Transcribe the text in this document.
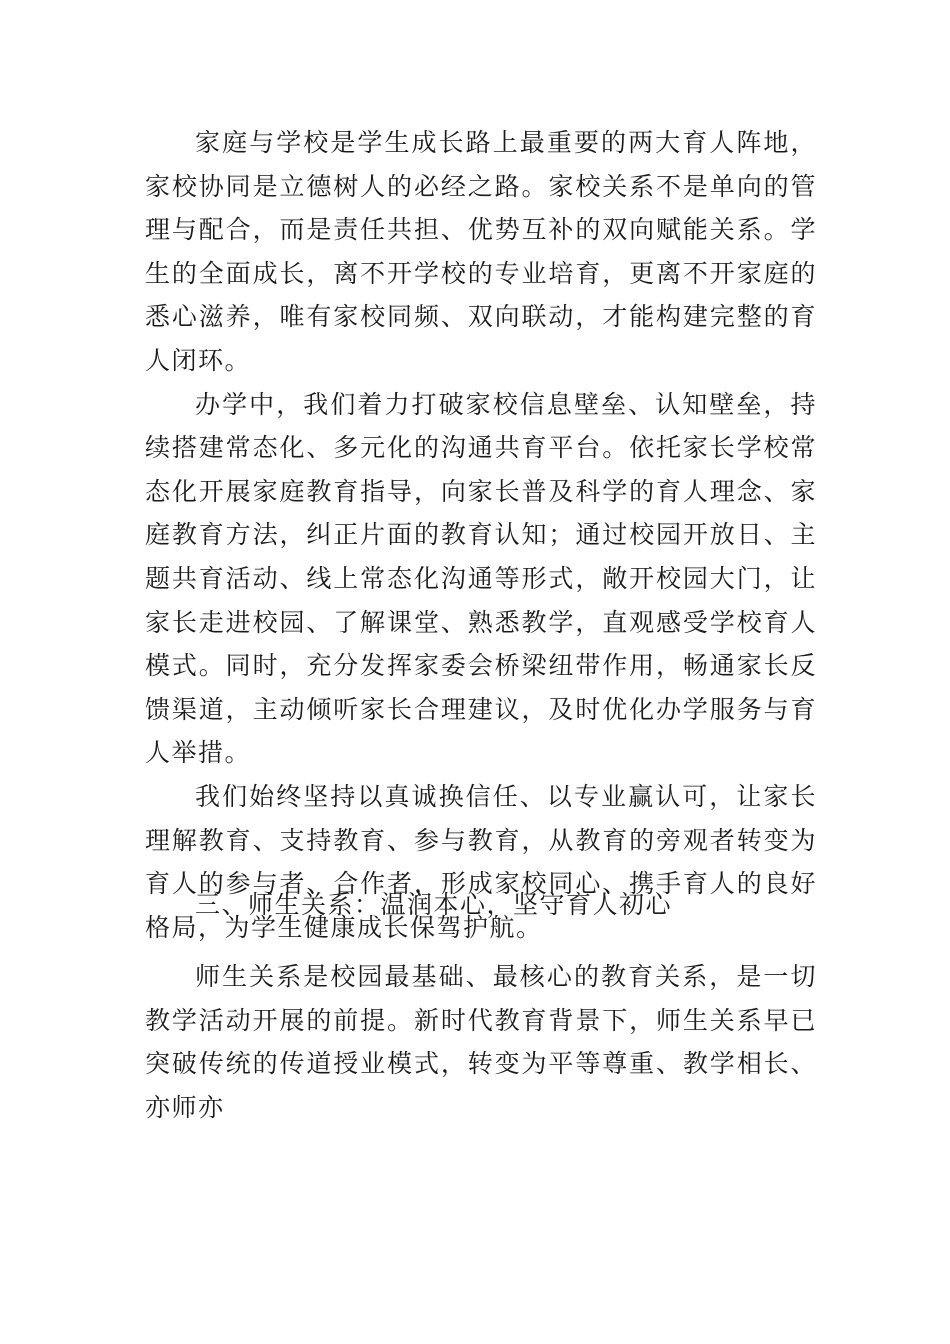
家庭与学校是学生成长路上最重要的两大育人阵地，家校协同是立德树人的必经之路。家校关系不是单向的管理与配合，而是责任共担、优势互补的双向赋能关系。学生的全面成长，离不开学校的专业培育，更离不开家庭的悉心滋养，唯有家校同频、双向联动，才能构建完整的育人闭环。

办学中，我们着力打破家校信息壁垒、认知壁垒，持续搭建常态化、多元化的沟通共育平台。依托家长学校常态化开展家庭教育指导，向家长普及科学的育人理念、家庭教育方法，纠正片面的教育认知；通过校园开放日、主题共育活动、线上常态化沟通等形式，敞开校园大门，让家长走进校园、了解课堂、熟悉教学，直观感受学校育人模式。同时，充分发挥家委会桥梁纽带作用，畅通家长反馈渠道，主动倾听家长合理建议，及时优化办学服务与育人举措。

我们始终坚持以真诚换信任、以专业赢认可，让家长理解教育、支持教育、参与教育，从教育的旁观者转变为育人的参与者、合作者，形成家校同心、携手育人的良好格局，为学生健康成长保驾护航。

三、师生关系：温润本心，坚守育人初心

师生关系是校园最基础、最核心的教育关系，是一切教学活动开展的前提。新时代教育背景下，师生关系早已突破传统的传道授业模式，转变为平等尊重、教学相长、亦师亦
